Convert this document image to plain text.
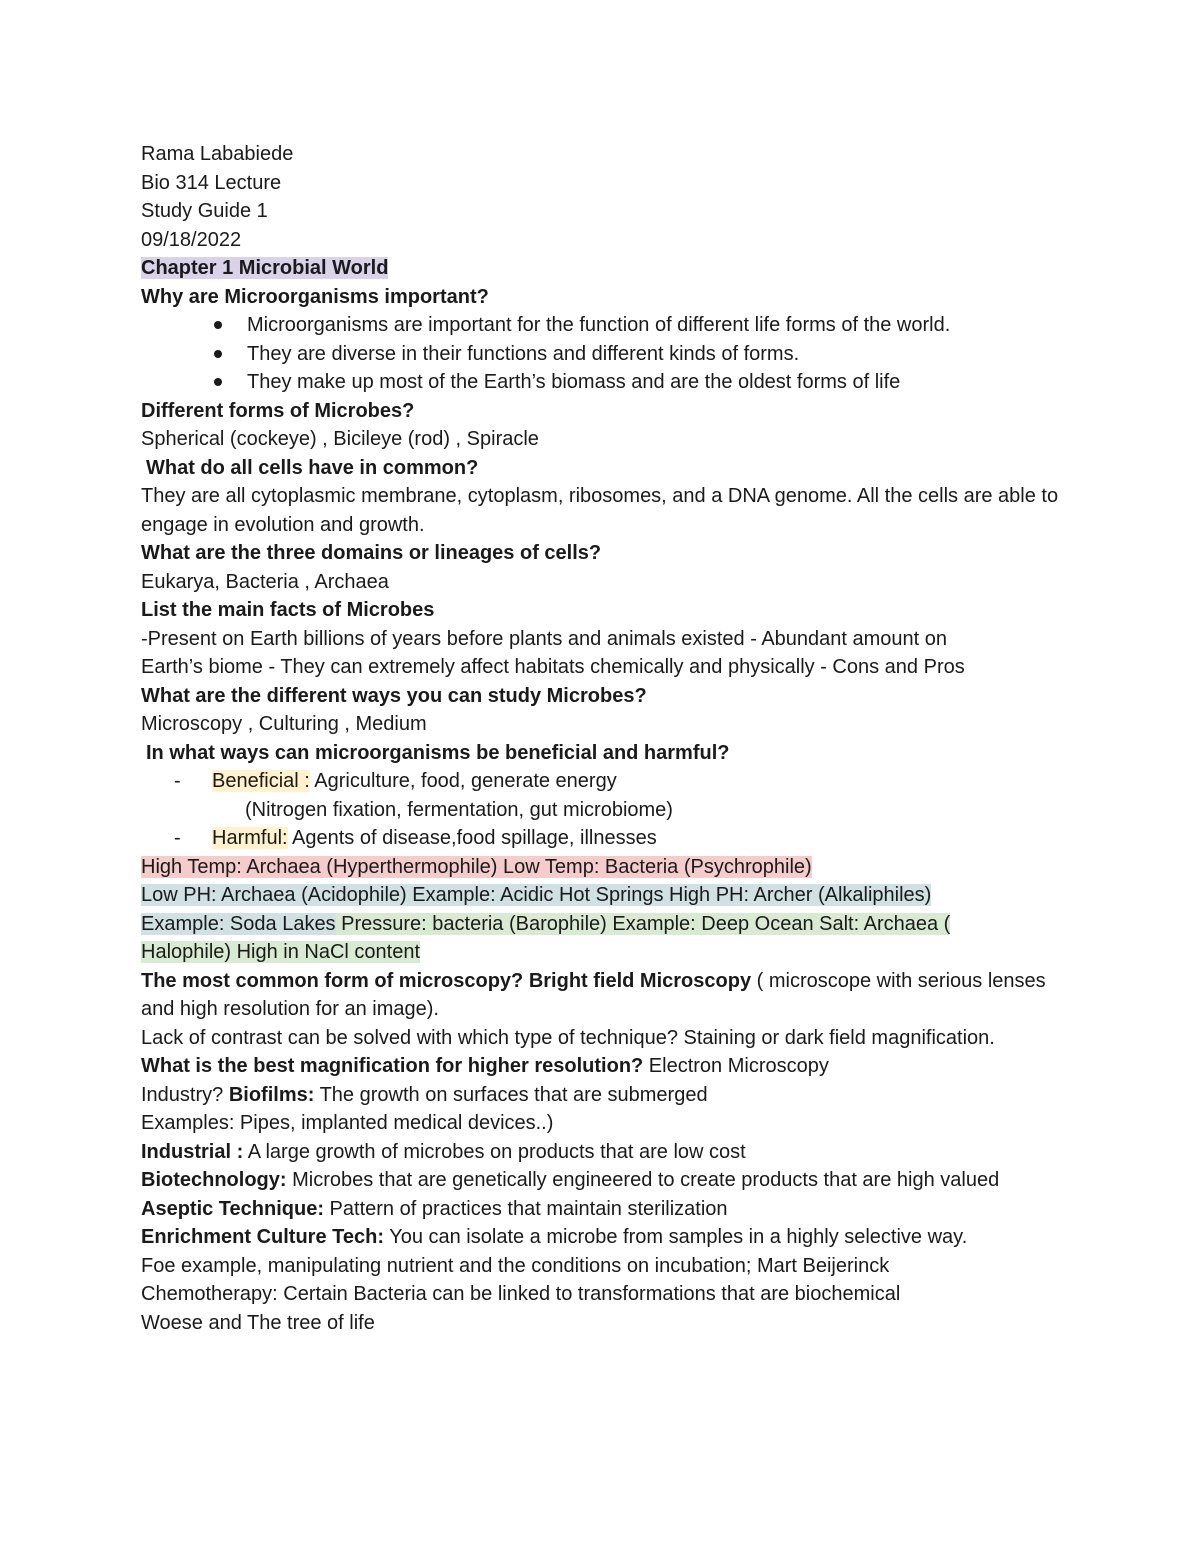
Rama Lababiede
Bio 314 Lecture
Study Guide 1
09/18/2022
Chapter 1 Microbial World
Why are Microorganisms important?
Microorganisms are important for the function of different life forms of the world.
They are diverse in their functions and different kinds of forms.
They make up most of the Earth’s biomass and are the oldest forms of life
Different forms of Microbes?
Spherical (cockeye) , Bicileye (rod) , Spiracle
What do all cells have in common?
They are all cytoplasmic membrane, cytoplasm, ribosomes, and a DNA genome. All the cells are able to engage in evolution and growth.
What are the three domains or lineages of cells?
Eukarya, Bacteria , Archaea
List the main facts of Microbes
-Present on Earth billions of years before plants and animals existed - Abundant amount on
Earth’s biome - They can extremely affect habitats chemically and physically - Cons and Pros
What are the different ways you can study Microbes?
Microscopy , Culturing , Medium
In what ways can microorganisms be beneficial and harmful?
- Beneficial : Agriculture, food, generate energy
(Nitrogen fixation, fermentation, gut microbiome)
- Harmful: Agents of disease,food spillage, illnesses
High Temp: Archaea (Hyperthermophile) Low Temp: Bacteria (Psychrophile)
Low PH: Archaea (Acidophile) Example: Acidic Hot Springs High PH: Archer (Alkaliphiles)
Example: Soda Lakes Pressure: bacteria (Barophile) Example: Deep Ocean Salt: Archaea (
Halophile) High in NaCl content
The most common form of microscopy? Bright field Microscopy ( microscope with serious lenses and high resolution for an image).
Lack of contrast can be solved with which type of technique? Staining or dark field magnification.
What is the best magnification for higher resolution? Electron Microscopy
Industry? Biofilms: The growth on surfaces that are submerged
Examples: Pipes, implanted medical devices..)
Industrial : A large growth of microbes on products that are low cost
Biotechnology: Microbes that are genetically engineered to create products that are high valued
Aseptic Technique: Pattern of practices that maintain sterilization
Enrichment Culture Tech: You can isolate a microbe from samples in a highly selective way.
Foe example, manipulating nutrient and the conditions on incubation; Mart Beijerinck
Chemotherapy: Certain Bacteria can be linked to transformations that are biochemical
Woese and The tree of life
